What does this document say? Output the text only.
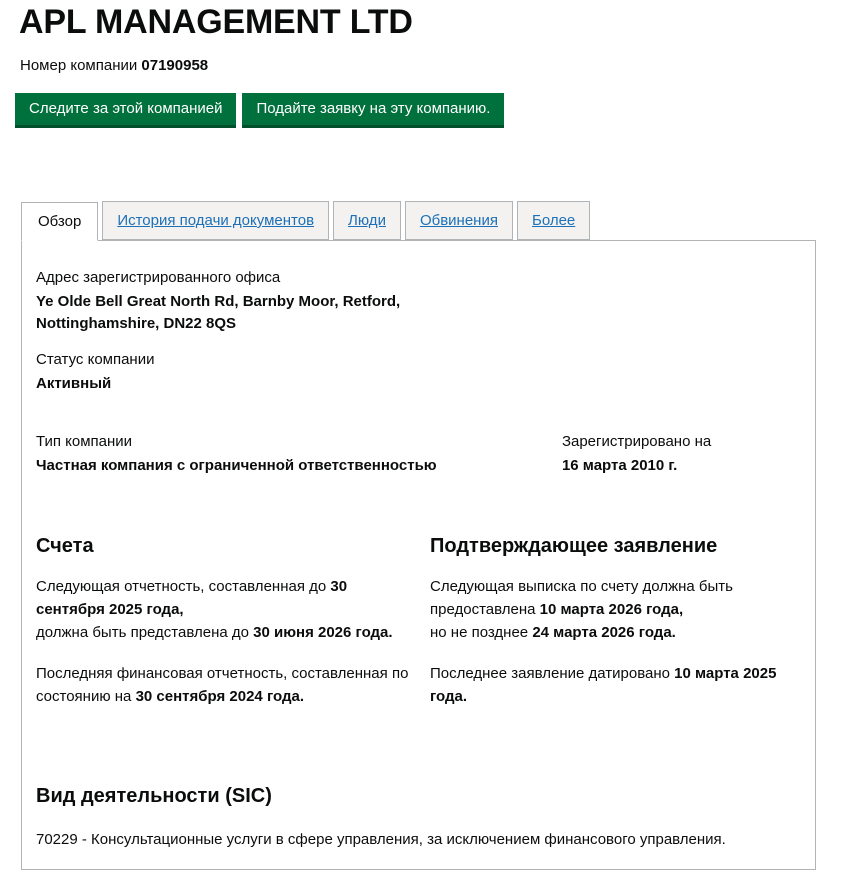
APL MANAGEMENT LTD
Номер компании 07190958
Следите за этой компанией	Подайте заявку на эту компанию.
Обзор	История подачи документов	Люди	Обвинения	Более

Адрес зарегистрированного офиса

Ye Olde Bell Great North Rd, Barnby Moor, Retford,

Nottinghamshire, DN22 8QS

Статус компании

Активный

Тип компании

Частная компания с ограниченной ответственностью

Зарегистрировано на

16 марта 2010 г.

Счета

Следующая отчетность, составленная до 30 сентября 2025 года,
должна быть представлена до 30 июня 2026 года.

Последняя финансовая отчетность, составленная по состоянию на 30 сентября 2024 года.

Подтверждающее заявление

Следующая выписка по счету должна быть предоставлена 10 марта 2026 года,
но не позднее 24 марта 2026 года.

Последнее заявление датировано 10 марта 2025 года.

Вид деятельности (SIC)

70229 - Консультационные услуги в сфере управления, за исключением финансового управления.
